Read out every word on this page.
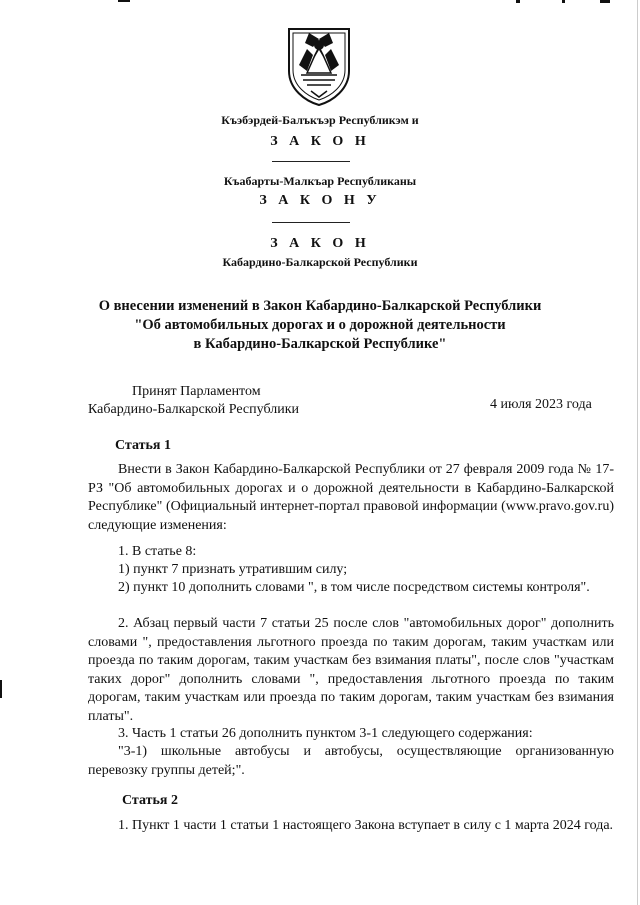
Къэбэрдей-Балъкъэр Республикэм и
З А К О Н
Къабарты-Малкъар Республиканы
З А К О Н У
З А К О Н
Кабардино-Балкарской Республики
О внесении изменений в Закон Кабардино-Балкарской Республики
"Об автомобильных дорогах и о дорожной деятельности
в Кабардино-Балкарской Республике"
Принят Парламентом
Кабардино-Балкарской Республики	4 июля 2023 года
Статья 1
Внести в Закон Кабардино-Балкарской Республики от 27 февраля 2009 года № 17-РЗ "Об автомобильных дорогах и о дорожной деятельности в Кабардино-Балкарской Республике" (Официальный интернет-портал правовой информации (www.pravo.gov.ru) следующие изменения:
1. В статье 8:
1) пункт 7 признать утратившим силу;
2) пункт 10 дополнить словами ", в том числе посредством системы контроля".
2. Абзац первый части 7 статьи 25 после слов "автомобильных дорог" дополнить словами ", предоставления льготного проезда по таким дорогам, таким участкам или проезда по таким дорогам, таким участкам без взимания платы", после слов "участкам таких дорог" дополнить словами ", предоставления льготного проезда по таким дорогам, таким участкам или проезда по таким дорогам, таким участкам без взимания платы".
3. Часть 1 статьи 26 дополнить пунктом 3-1 следующего содержания:
"3-1) школьные автобусы и автобусы, осуществляющие организованную перевозку группы детей;".
Статья 2
1. Пункт 1 части 1 статьи 1 настоящего Закона вступает в силу с 1 марта 2024 года.
